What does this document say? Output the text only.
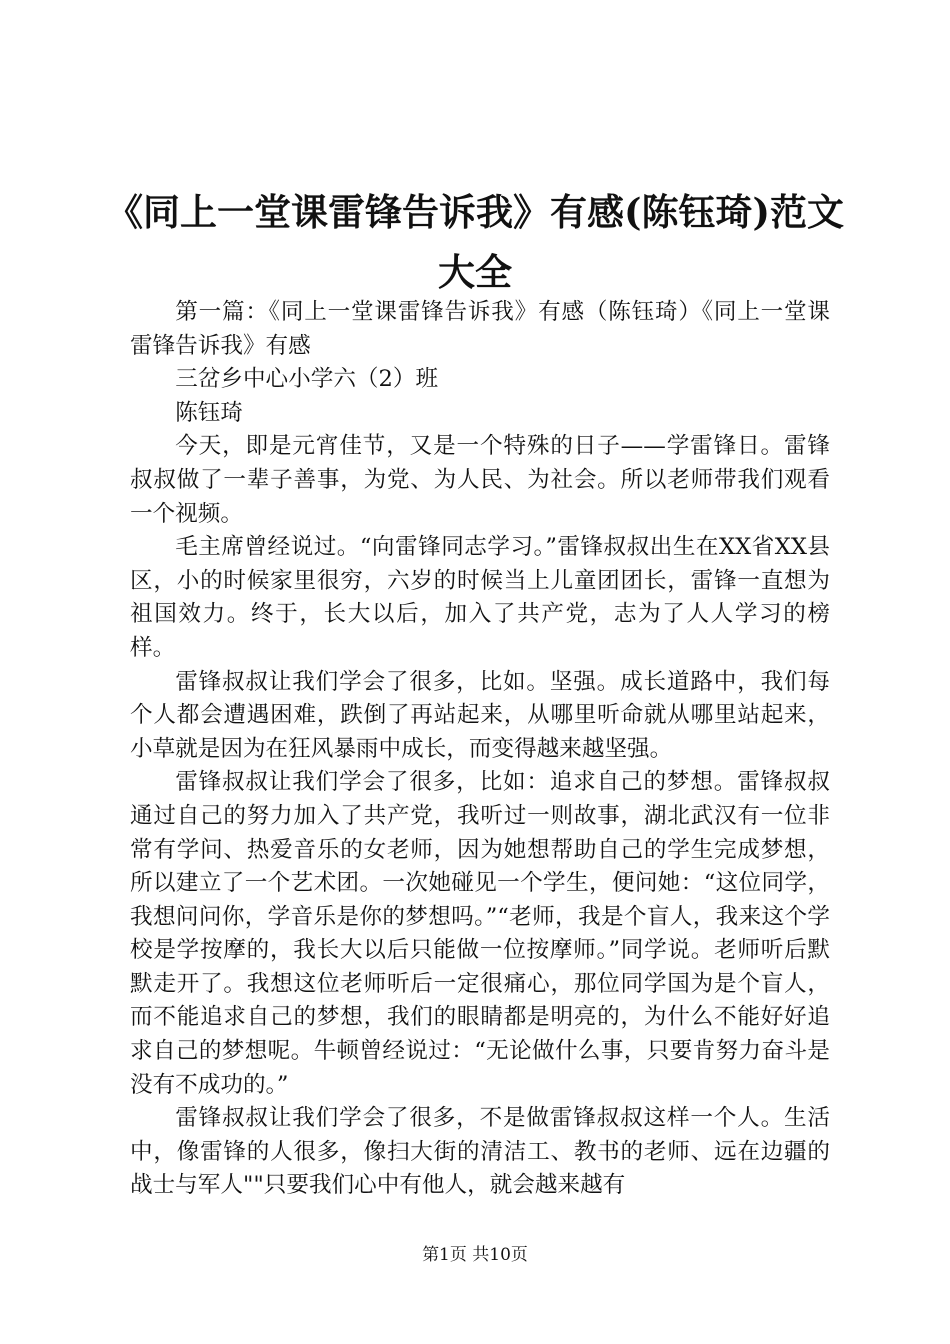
《同上一堂课雷锋告诉我》有感(陈钰琦)范文大全

第一篇：《同上一堂课雷锋告诉我》有感（陈钰琦）《同上一堂课雷锋告诉我》有感

三岔乡中心小学六（2）班

陈钰琦

今天，即是元宵佳节，又是一个特殊的日子——学雷锋日。雷锋叔叔做了一辈子善事，为党、为人民、为社会。所以老师带我们观看一个视频。

毛主席曾经说过。“向雷锋同志学习。”雷锋叔叔出生在XX省XX县区，小的时候家里很穷，六岁的时候当上儿童团团长，雷锋一直想为祖国效力。终于，长大以后，加入了共产党，志为了人人学习的榜样。

雷锋叔叔让我们学会了很多，比如。坚强。成长道路中，我们每个人都会遭遇困难，跌倒了再站起来，从哪里听命就从哪里站起来，小草就是因为在狂风暴雨中成长，而变得越来越坚强。

雷锋叔叔让我们学会了很多，比如：追求自己的梦想。雷锋叔叔通过自己的努力加入了共产党，我听过一则故事，湖北武汉有一位非常有学问、热爱音乐的女老师，因为她想帮助自己的学生完成梦想，所以建立了一个艺术团。一次她碰见一个学生，便问她：“这位同学，我想问问你，学音乐是你的梦想吗。”“老师，我是个盲人，我来这个学校是学按摩的，我长大以后只能做一位按摩师。”同学说。老师听后默默走开了。我想这位老师听后一定很痛心，那位同学国为是个盲人，而不能追求自己的梦想，我们的眼睛都是明亮的，为什么不能好好追求自己的梦想呢。牛顿曾经说过：“无论做什么事，只要肯努力奋斗是没有不成功的。”

雷锋叔叔让我们学会了很多，不是做雷锋叔叔这样一个人。生活中，像雷锋的人很多，像扫大街的清洁工、教书的老师、远在边疆的战士与军人""只要我们心中有他人，就会越来越有

第1页 共10页
